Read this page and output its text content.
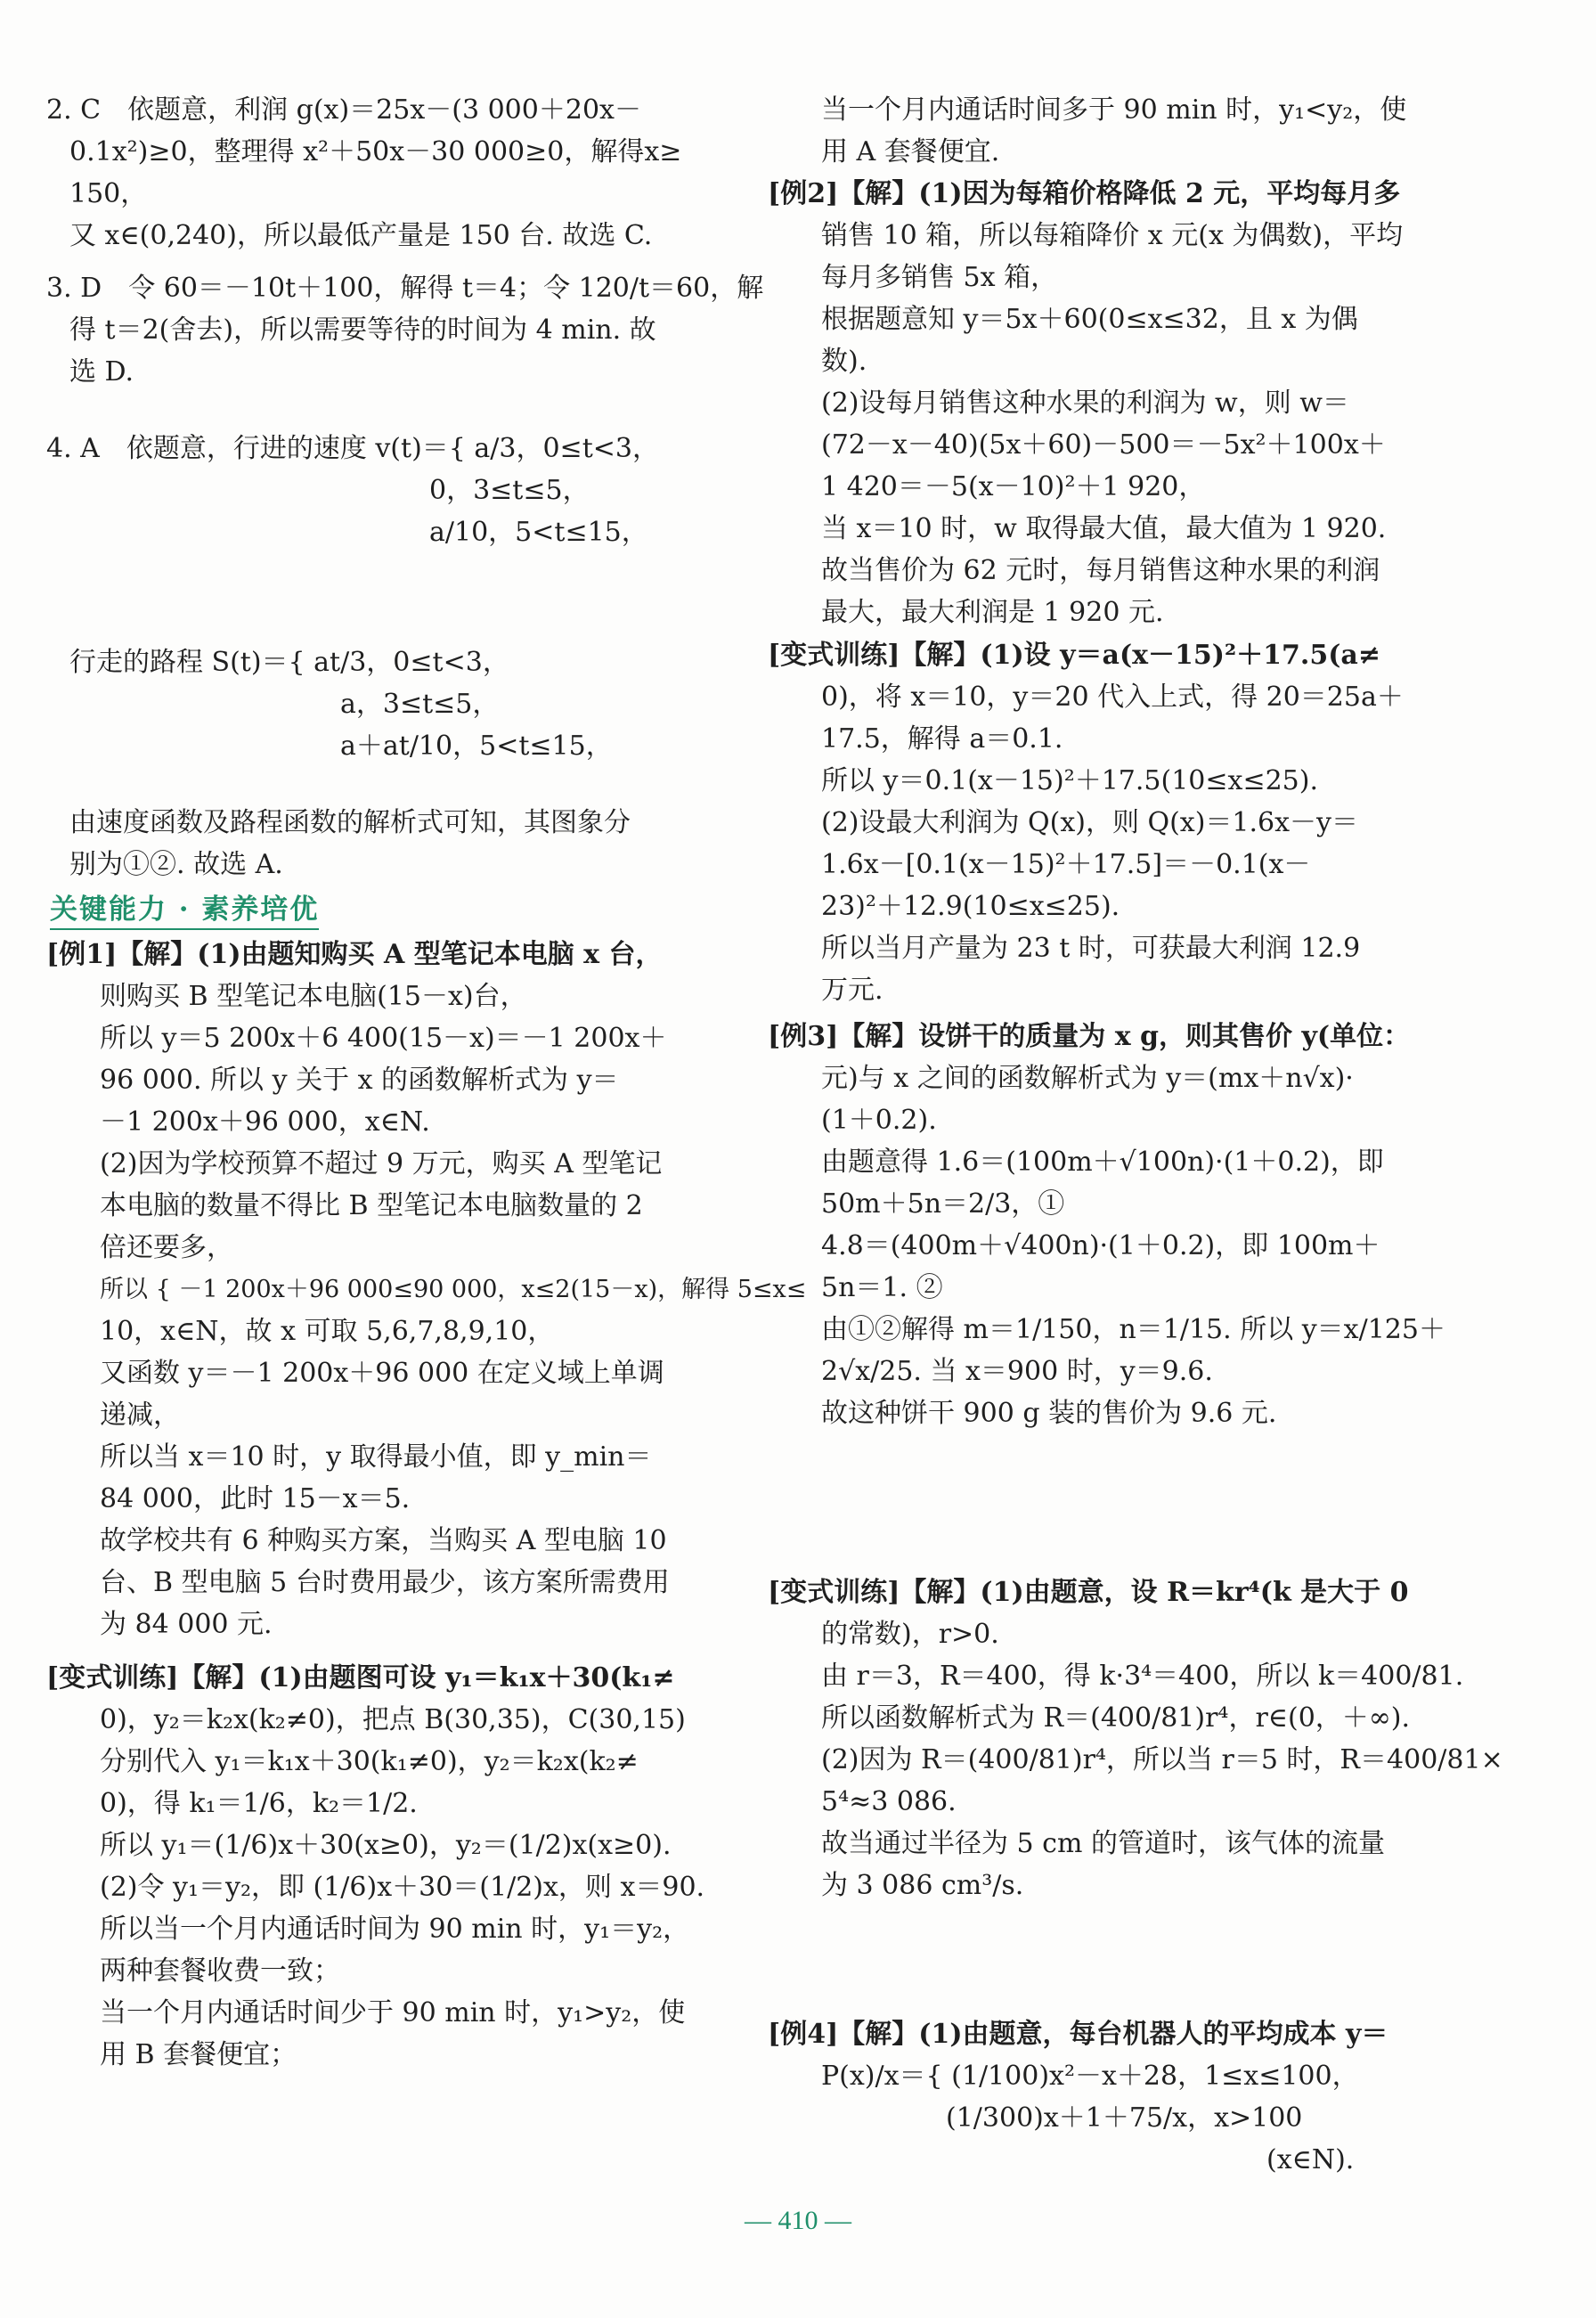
2. C　依题意，利润 g(x)＝25x－(3 000＋20x－

0.1x²)≥0，整理得 x²＋50x－30 000≥0，解得x≥

150，

又 x∈(0,240)，所以最低产量是 150 台. 故选 C.

3. D　令 60＝－10t＋100，解得 t＝4；令 120/t＝60，解

得 t＝2(舍去)，所以需要等待的时间为 4 min. 故

选 D.

4. A　依题意，行进的速度 v(t)＝{ a/3，0≤t<3，

0，3≤t≤5，

a/10，5<t≤15，

行走的路程 S(t)＝{ at/3，0≤t<3，

a，3≤t≤5，

a＋at/10，5<t≤15，

由速度函数及路程函数的解析式可知，其图象分

别为①②. 故选 A.

关键能力 · 素养培优

[例1]【解】(1)由题知购买 A 型笔记本电脑 x 台，

则购买 B 型笔记本电脑(15－x)台，

所以 y＝5 200x＋6 400(15－x)＝－1 200x＋

96 000. 所以 y 关于 x 的函数解析式为 y＝

－1 200x＋96 000，x∈N.

(2)因为学校预算不超过 9 万元，购买 A 型笔记

本电脑的数量不得比 B 型笔记本电脑数量的 2

倍还要多，

所以 { －1 200x＋96 000≤90 000，x≤2(15－x)，解得 5≤x≤

10，x∈N，故 x 可取 5,6,7,8,9,10，

又函数 y＝－1 200x＋96 000 在定义域上单调

递减，

所以当 x＝10 时，y 取得最小值，即 y_min＝

84 000，此时 15－x＝5.

故学校共有 6 种购买方案，当购买 A 型电脑 10

台、B 型电脑 5 台时费用最少，该方案所需费用

为 84 000 元.

[变式训练]【解】(1)由题图可设 y₁＝k₁x＋30(k₁≠

0)，y₂＝k₂x(k₂≠0)，把点 B(30,35)，C(30,15)

分别代入 y₁＝k₁x＋30(k₁≠0)，y₂＝k₂x(k₂≠

0)，得 k₁＝1/6，k₂＝1/2.

所以 y₁＝(1/6)x＋30(x≥0)，y₂＝(1/2)x(x≥0).

(2)令 y₁＝y₂，即 (1/6)x＋30＝(1/2)x，则 x＝90.

所以当一个月内通话时间为 90 min 时，y₁＝y₂，

两种套餐收费一致；

当一个月内通话时间少于 90 min 时，y₁>y₂，使

用 B 套餐便宜；

当一个月内通话时间多于 90 min 时，y₁<y₂，使

用 A 套餐便宜.

[例2]【解】(1)因为每箱价格降低 2 元，平均每月多

销售 10 箱，所以每箱降价 x 元(x 为偶数)，平均

每月多销售 5x 箱，

根据题意知 y＝5x＋60(0≤x≤32，且 x 为偶

数).

(2)设每月销售这种水果的利润为 w，则 w＝

(72－x－40)(5x＋60)－500＝－5x²＋100x＋

1 420＝－5(x－10)²＋1 920，

当 x＝10 时，w 取得最大值，最大值为 1 920.

故当售价为 62 元时，每月销售这种水果的利润

最大，最大利润是 1 920 元.

[变式训练]【解】(1)设 y＝a(x－15)²＋17.5(a≠

0)，将 x＝10，y＝20 代入上式，得 20＝25a＋

17.5，解得 a＝0.1.

所以 y＝0.1(x－15)²＋17.5(10≤x≤25).

(2)设最大利润为 Q(x)，则 Q(x)＝1.6x－y＝

1.6x－[0.1(x－15)²＋17.5]＝－0.1(x－

23)²＋12.9(10≤x≤25).

所以当月产量为 23 t 时，可获最大利润 12.9

万元.

[例3]【解】设饼干的质量为 x g，则其售价 y(单位：

元)与 x 之间的函数解析式为 y＝(mx＋n√x)·

(1＋0.2).

由题意得 1.6＝(100m＋√100n)·(1＋0.2)，即

50m＋5n＝2/3，①

4.8＝(400m＋√400n)·(1＋0.2)，即 100m＋

5n＝1. ②

由①②解得 m＝1/150，n＝1/15. 所以 y＝x/125＋

2√x/25. 当 x＝900 时，y＝9.6.

故这种饼干 900 g 装的售价为 9.6 元.

[变式训练]【解】(1)由题意，设 R＝kr⁴(k 是大于 0

的常数)，r>0.

由 r＝3，R＝400，得 k·3⁴＝400，所以 k＝400/81.

所以函数解析式为 R＝(400/81)r⁴，r∈(0，＋∞).

(2)因为 R＝(400/81)r⁴，所以当 r＝5 时，R＝400/81×

5⁴≈3 086.

故当通过半径为 5 cm 的管道时，该气体的流量

为 3 086 cm³/s.

[例4]【解】(1)由题意，每台机器人的平均成本 y＝

P(x)/x＝{ (1/100)x²－x＋28，1≤x≤100，

(1/300)x＋1＋75/x，x>100

(x∈N).

— 410 —
